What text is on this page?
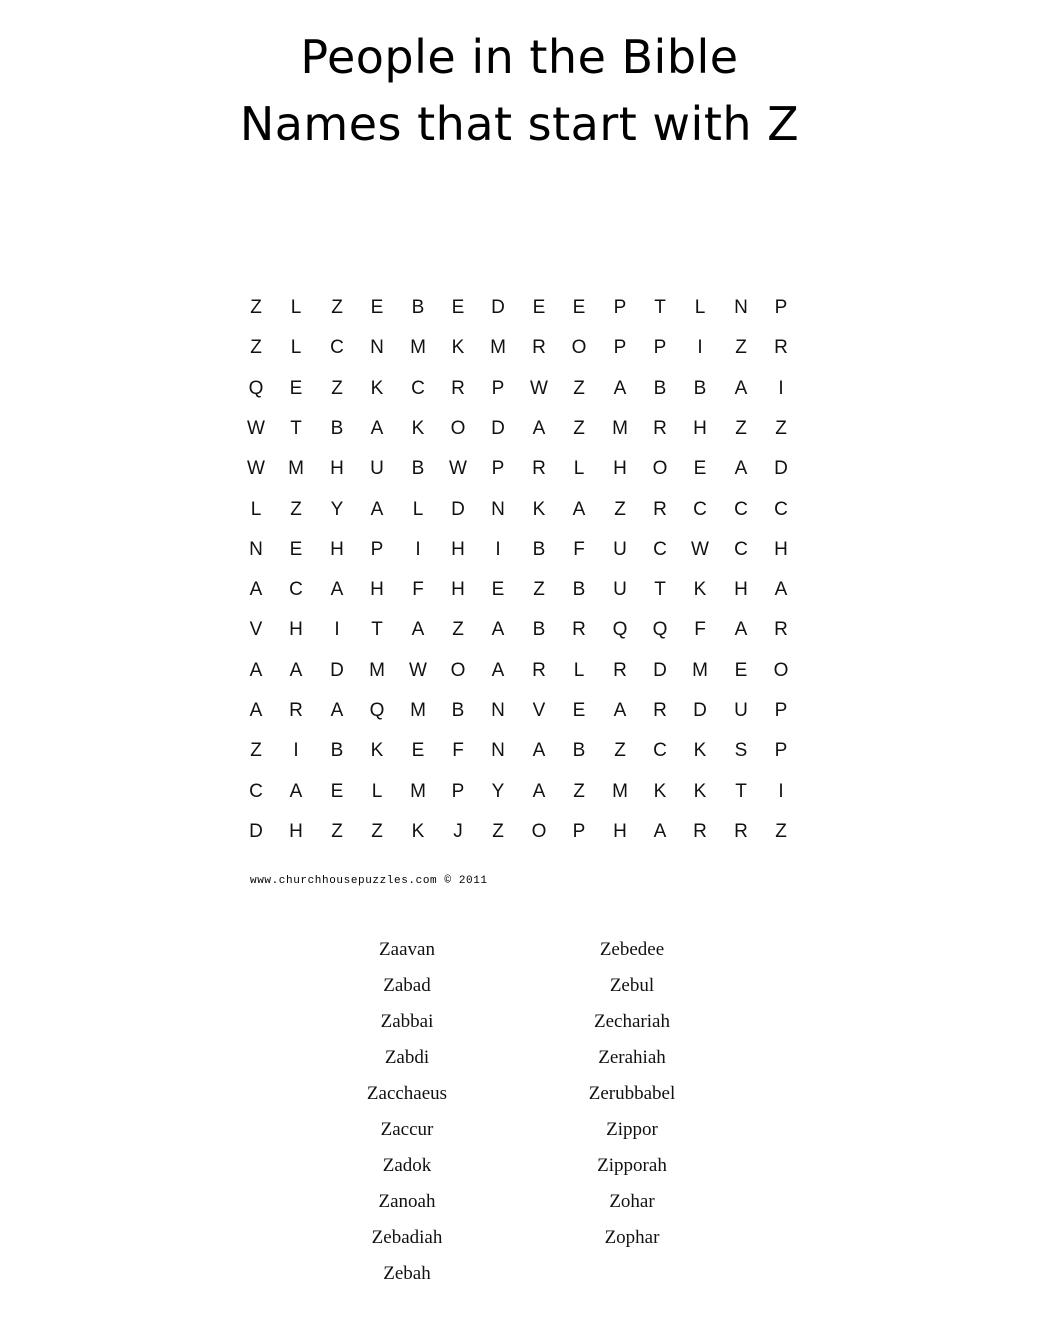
People in the Bible
Names that start with Z
Z	L	Z	E	B	E	D	E	E	P	T	L	N	P
Z	L	C	N	M	K	M	R	O	P	P	I	Z	R
Q	E	Z	K	C	R	P	W	Z	A	B	B	A	I
W	T	B	A	K	O	D	A	Z	M	R	H	Z	Z
W	M	H	U	B	W	P	R	L	H	O	E	A	D
L	Z	Y	A	L	D	N	K	A	Z	R	C	C	C
N	E	H	P	I	H	I	B	F	U	C	W	C	H
A	C	A	H	F	H	E	Z	B	U	T	K	H	A
V	H	I	T	A	Z	A	B	R	Q	Q	F	A	R
A	A	D	M	W	O	A	R	L	R	D	M	E	O
A	R	A	Q	M	B	N	V	E	A	R	D	U	P
Z	I	B	K	E	F	N	A	B	Z	C	K	S	P
C	A	E	L	M	P	Y	A	Z	M	K	K	T	I
D	H	Z	Z	K	J	Z	O	P	H	A	R	R	Z
www.churchhousepuzzles.com © 2011
Zaavan
Zabad
Zabbai
Zabdi
Zacchaeus
Zaccur
Zadok
Zanoah
Zebadiah
Zebah
Zebedee
Zebul
Zechariah
Zerahiah
Zerubbabel
Zippor
Zipporah
Zohar
Zophar
